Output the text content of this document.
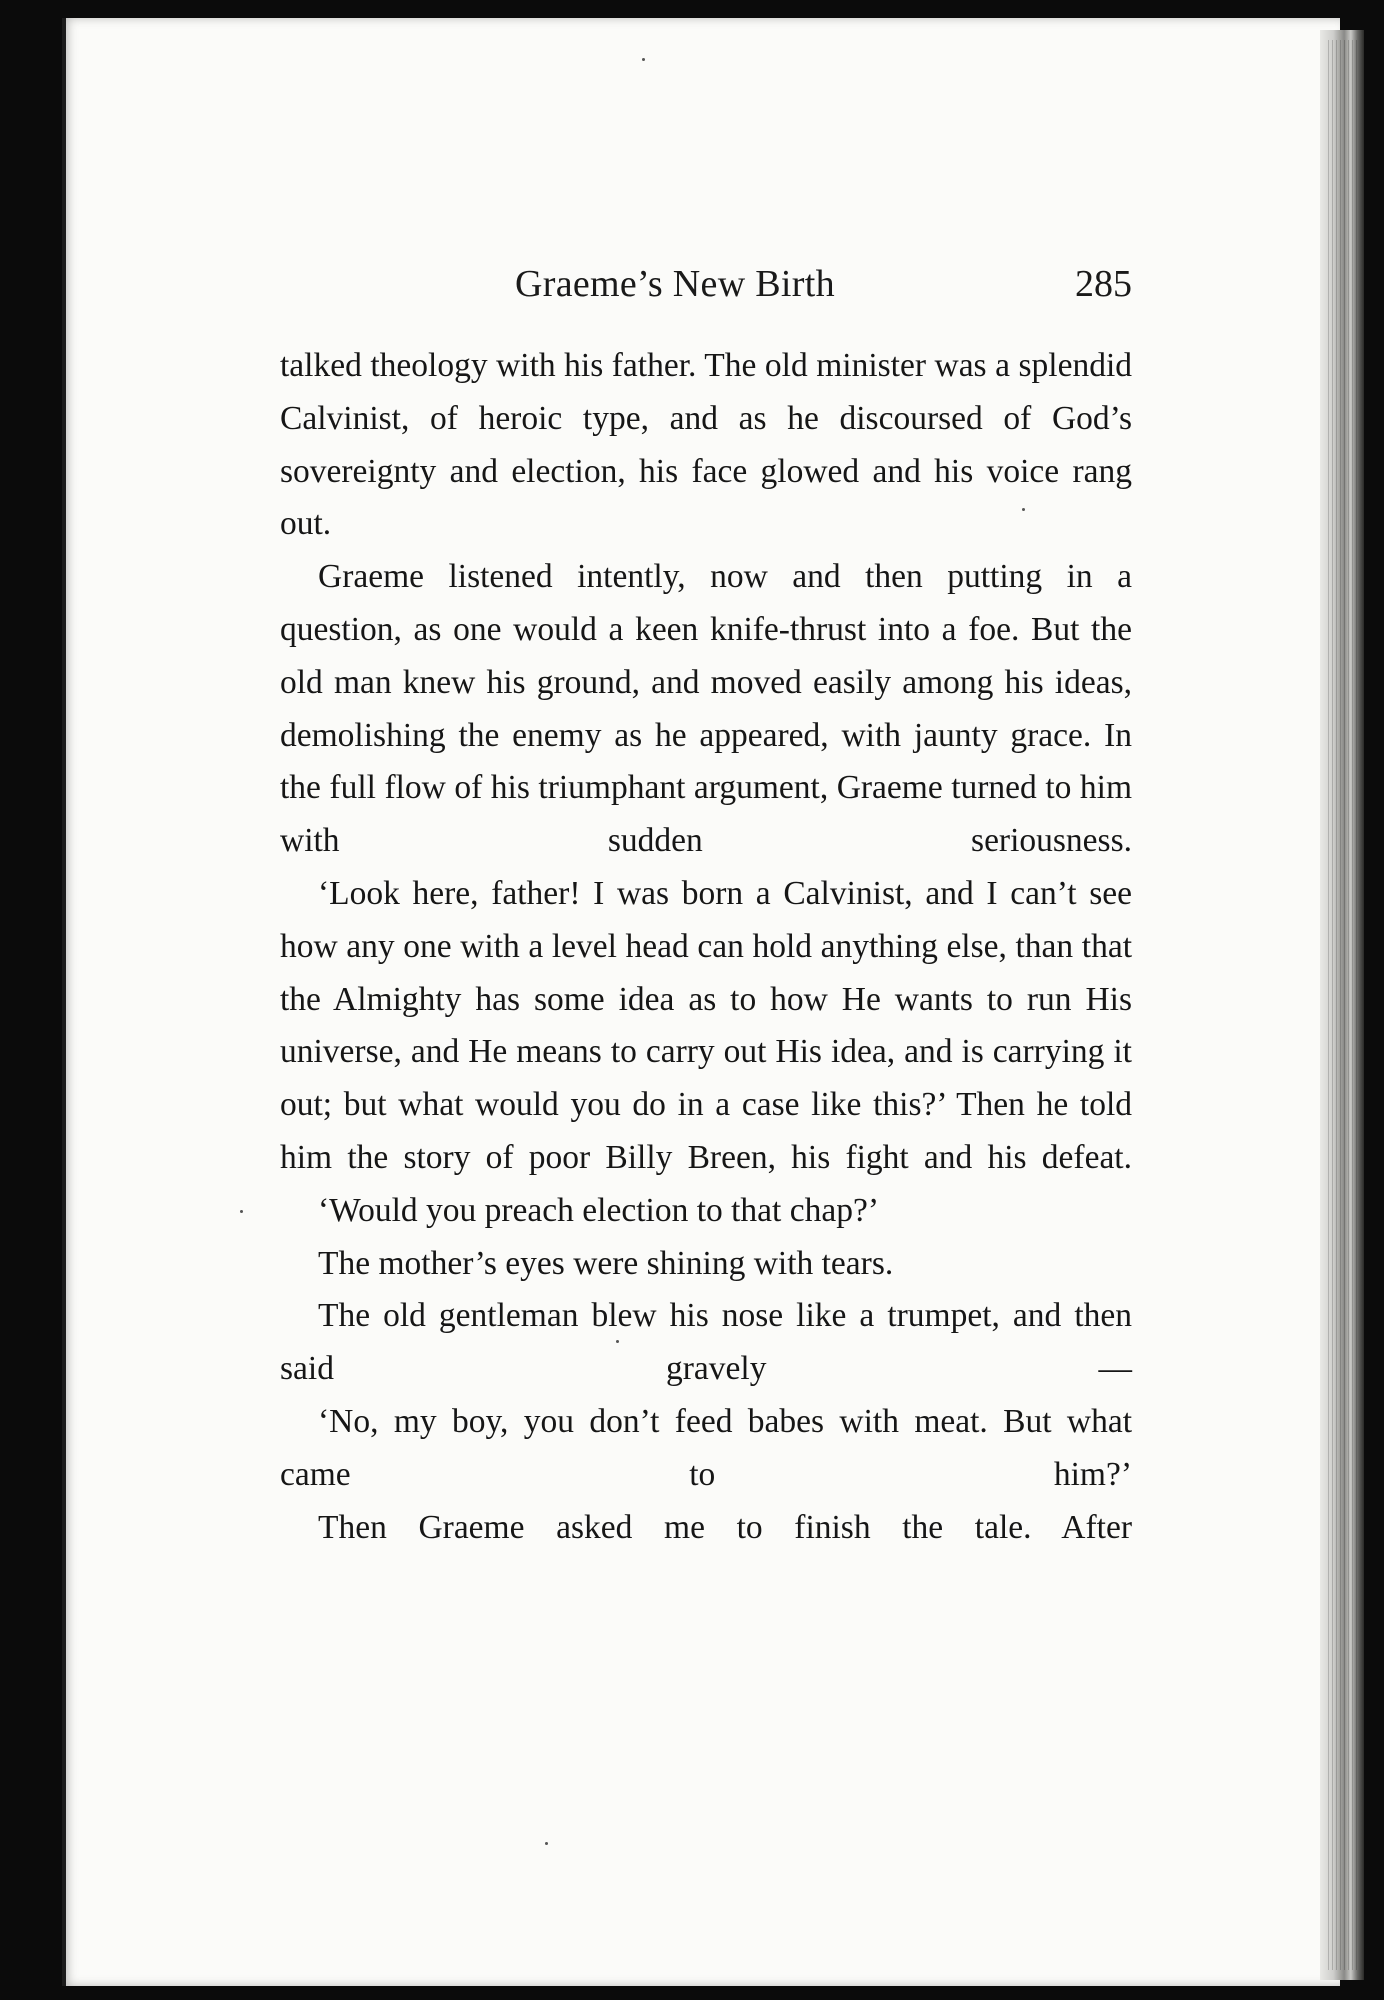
Graeme’s New Birth	285

talked theology with his father. The old minister was a splendid Calvinist, of heroic type, and as he discoursed of God’s sovereignty and election, his face glowed and his voice rang out.

Graeme listened intently, now and then putting in a question, as one would a keen knife-thrust into a foe. But the old man knew his ground, and moved easily among his ideas, demolishing the enemy as he appeared, with jaunty grace. In the full flow of his triumphant argument, Graeme turned to him with sudden seriousness.

‘Look here, father! I was born a Calvinist, and I can’t see how any one with a level head can hold anything else, than that the Almighty has some idea as to how He wants to run His universe, and He means to carry out His idea, and is carrying it out; but what would you do in a case like this?’ Then he told him the story of poor Billy Breen, his fight and his defeat.

‘Would you preach election to that chap?’

The mother’s eyes were shining with tears.

The old gentleman blew his nose like a trumpet, and then said gravely —

‘No, my boy, you don’t feed babes with meat. But what came to him?’

Then Graeme asked me to finish the tale. After
